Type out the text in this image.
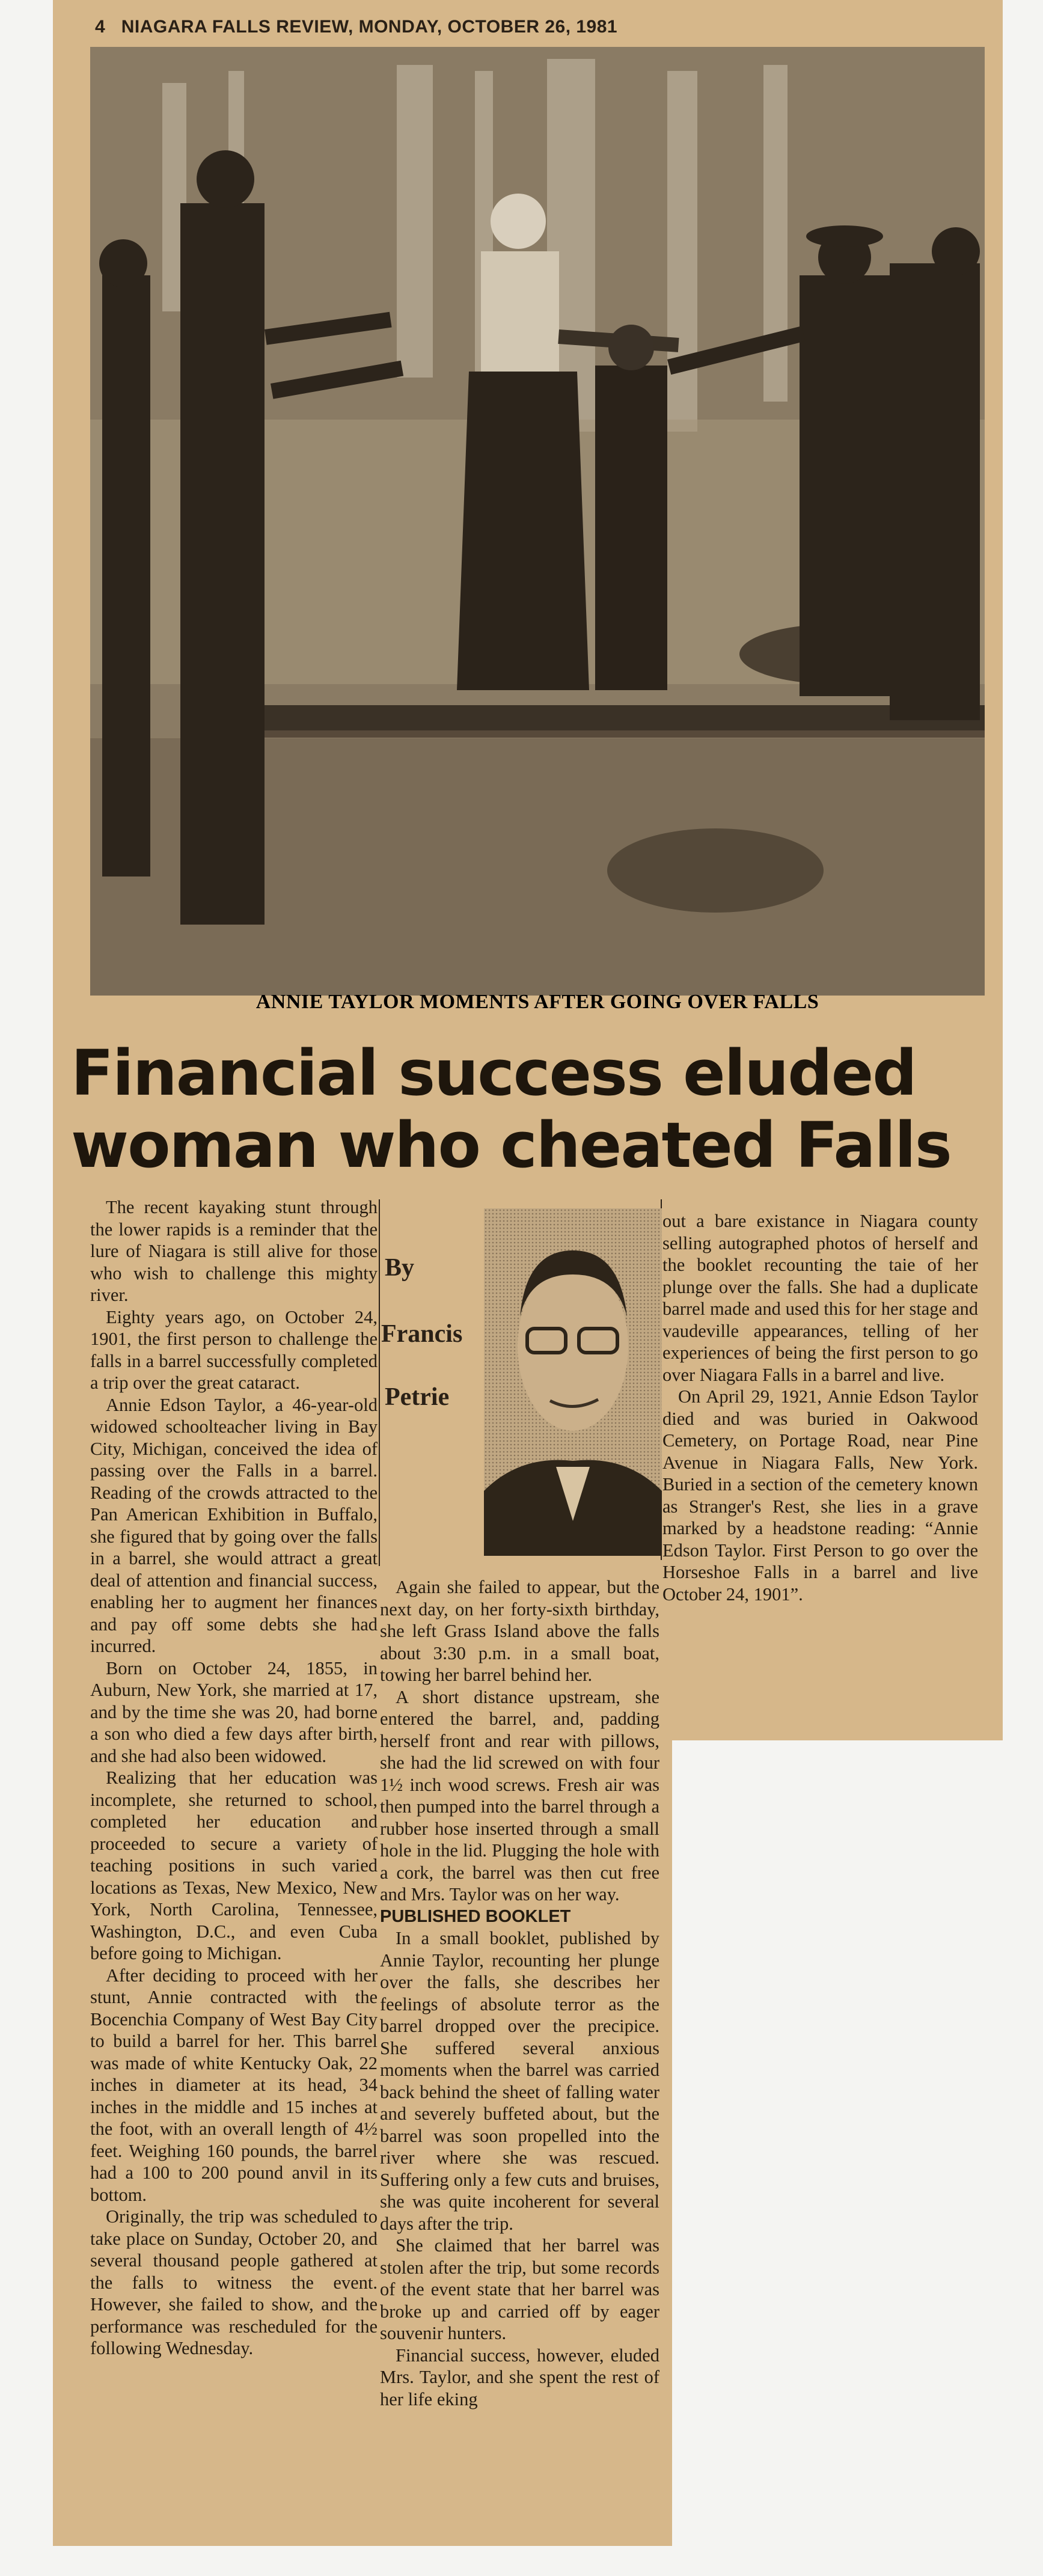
4 NIAGARA FALLS REVIEW, MONDAY, OCTOBER 26, 1981
ANNIE TAYLOR MOMENTS AFTER GOING OVER FALLS
Financial success eluded
woman who cheated Falls

The recent kayaking stunt through the lower rapids is a reminder that the lure of Niagara is still alive for those who wish to challenge this mighty river.

Eighty years ago, on October 24, 1901, the first person to challenge the falls in a barrel successfully completed a trip over the great cataract.

Annie Edson Taylor, a 46-year-old widowed schoolteacher living in Bay City, Michigan, conceived the idea of passing over the Falls in a barrel. Reading of the crowds attracted to the Pan American Exhibition in Buffalo, she figured that by going over the falls in a barrel, she would attract a great deal of attention and financial success, enabling her to augment her finances and pay off some debts she had incurred.

Born on October 24, 1855, in Auburn, New York, she married at 17, and by the time she was 20, had borne a son who died a few days after birth, and she had also been widowed.

Realizing that her education was incomplete, she returned to school, completed her education and proceeded to secure a variety of teaching positions in such varied locations as Texas, New Mexico, New York, North Carolina, Tennessee, Washington, D.C., and even Cuba before going to Michigan.

After deciding to proceed with her stunt, Annie contracted with the Bocenchia Company of West Bay City to build a barrel for her. This barrel was made of white Kentucky Oak, 22 inches in diameter at its head, 34 inches in the middle and 15 inches at the foot, with an overall length of 4½ feet. Weighing 160 pounds, the barrel had a 100 to 200 pound anvil in its bottom.

Originally, the trip was scheduled to take place on Sunday, October 20, and several thousand people gathered at the falls to witness the event. However, she failed to show, and the performance was rescheduled for the following Wednesday.

By
Francis
Petrie

Again she failed to appear, but the next day, on her forty-sixth birthday, she left Grass Island above the falls about 3:30 p.m. in a small boat, towing her barrel behind her.

A short distance upstream, she entered the barrel, and, padding herself front and rear with pillows, she had the lid screwed on with four 1½ inch wood screws. Fresh air was then pumped into the barrel through a rubber hose inserted through a small hole in the lid. Plugging the hole with a cork, the barrel was then cut free and Mrs. Taylor was on her way.

PUBLISHED BOOKLET

In a small booklet, published by Annie Taylor, recounting her plunge over the falls, she describes her feelings of absolute terror as the barrel dropped over the precipice. She suffered several anxious moments when the barrel was carried back behind the sheet of falling water and severely buffeted about, but the barrel was soon propelled into the river where she was rescued. Suffering only a few cuts and bruises, she was quite incoherent for several days after the trip.

She claimed that her barrel was stolen after the trip, but some records of the event state that her barrel was broke up and carried off by eager souvenir hunters.

Financial success, however, eluded Mrs. Taylor, and she spent the rest of her life eking

out a bare existance in Niagara county selling autographed photos of herself and the booklet recounting the taie of her plunge over the falls. She had a duplicate barrel made and used this for her stage and vaudeville appearances, telling of her experiences of being the first person to go over Niagara Falls in a barrel and live.

On April 29, 1921, Annie Edson Taylor died and was buried in Oakwood Cemetery, on Portage Road, near Pine Avenue in Niagara Falls, New York. Buried in a section of the cemetery known as Stranger's Rest, she lies in a grave marked by a headstone reading: “Annie Edson Taylor. First Person to go over the Horseshoe Falls in a barrel and live October 24, 1901”.
